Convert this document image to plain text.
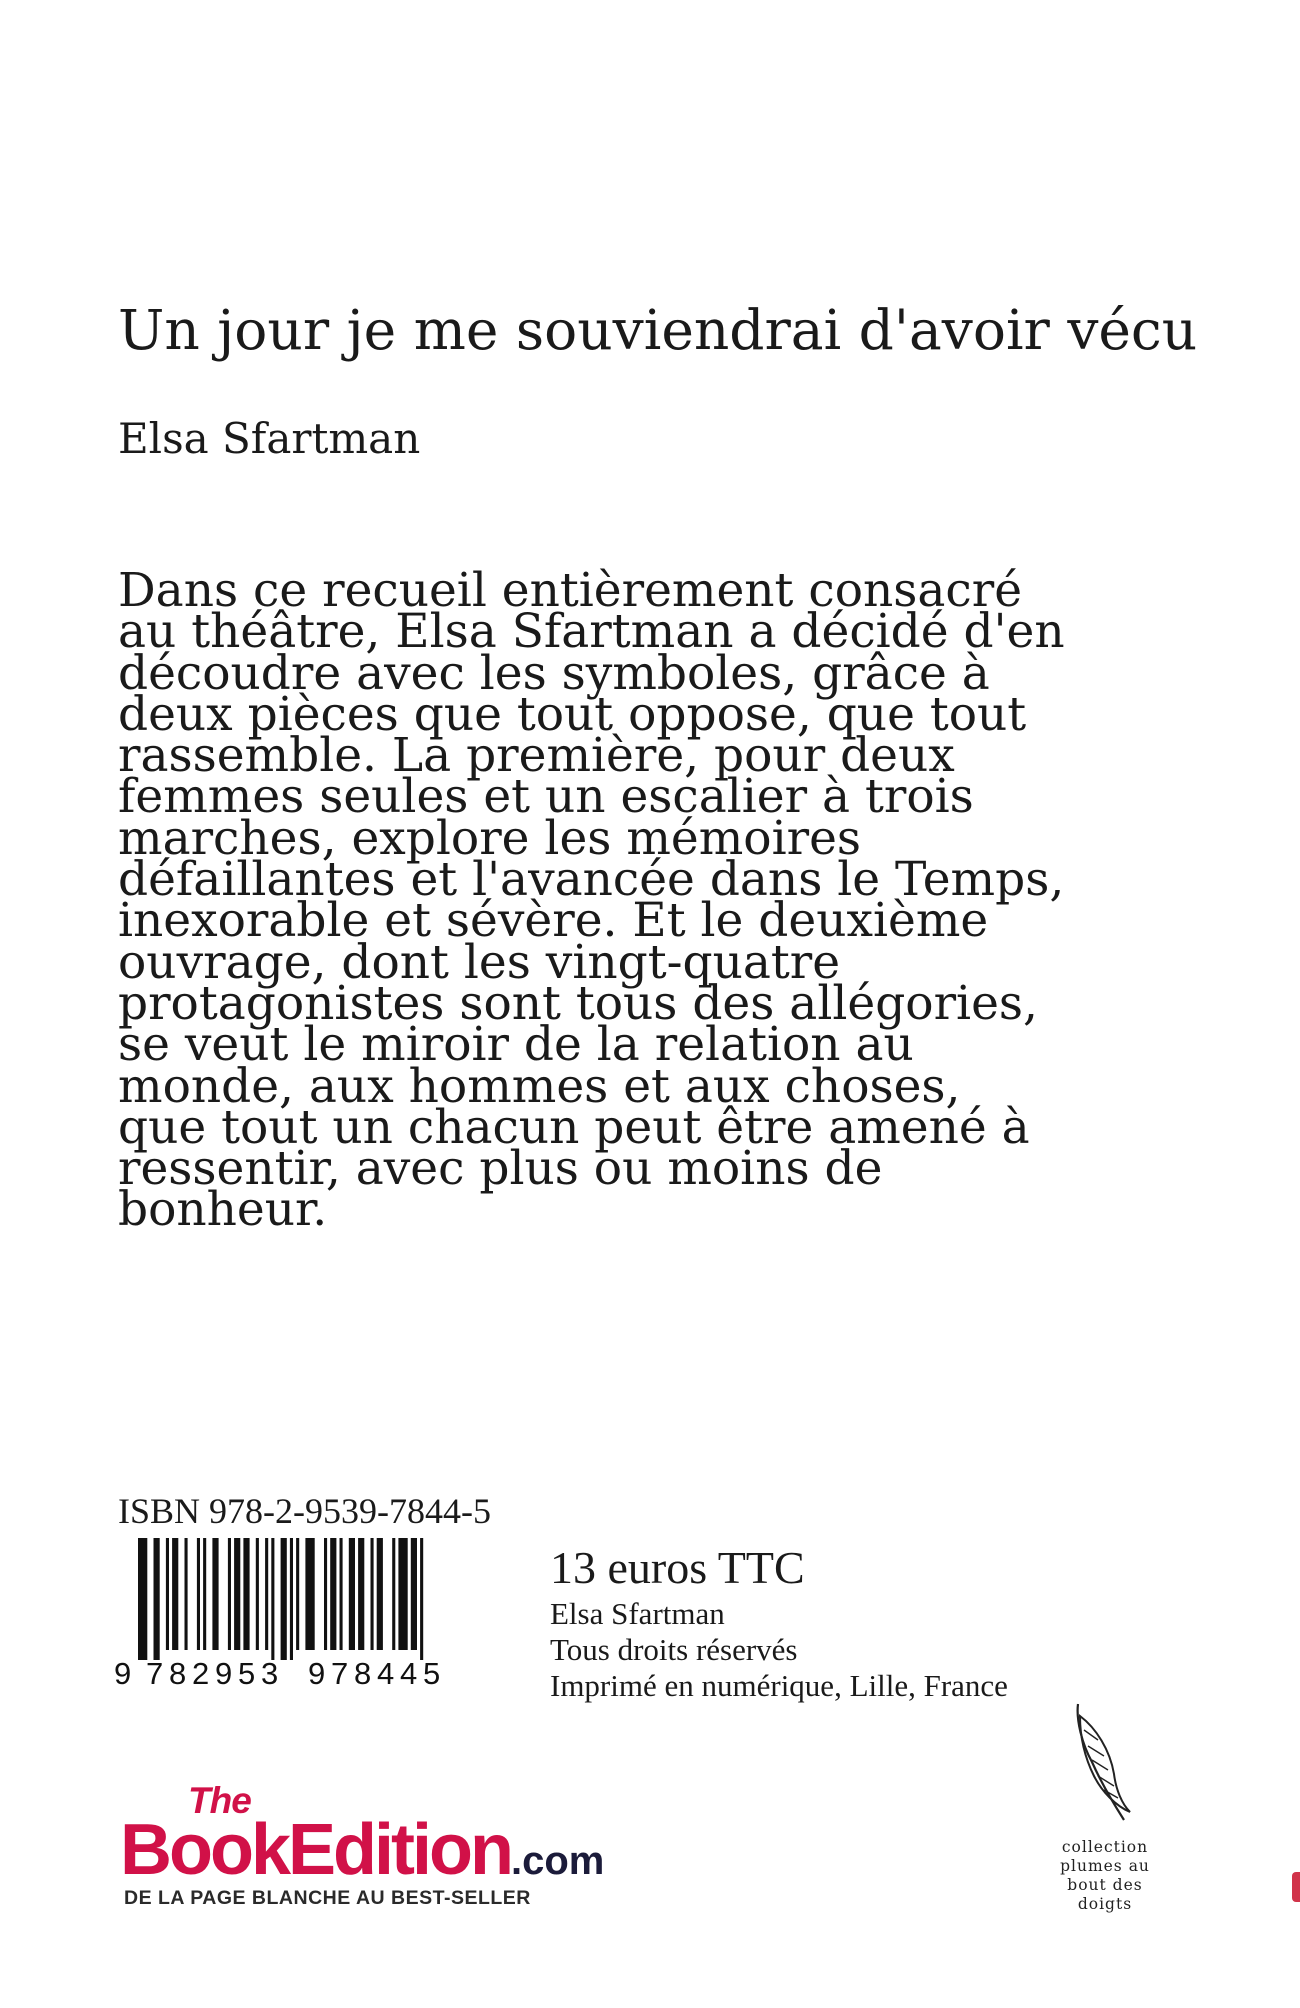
Un jour je me souviendrai d'avoir vécu
Elsa Sfartman
Dans ce recueil entièrement consacré
au théâtre, Elsa Sfartman a décidé d'en
découdre avec les symboles, grâce à
deux pièces que tout oppose, que tout
rassemble. La première, pour deux
femmes seules et un escalier à trois
marches, explore les mémoires
défaillantes et l'avancée dans le Temps,
inexorable et sévère. Et le deuxième
ouvrage, dont les vingt-quatre
protagonistes sont tous des allégories,
se veut le miroir de la relation au
monde, aux hommes et aux choses,
que tout un chacun peut être amené à
ressentir, avec plus ou moins de
bonheur.
ISBN 978-2-9539-7844-5
9 7 8 2 9 5 3 9 7 8 4 4 5
13 euros TTC
Elsa Sfartman
Tous droits réservés
Imprimé en numérique, Lille, France
The
BookEdition.com
DE LA PAGE BLANCHE AU BEST-SELLER
collection
plumes au
bout des
doigts
